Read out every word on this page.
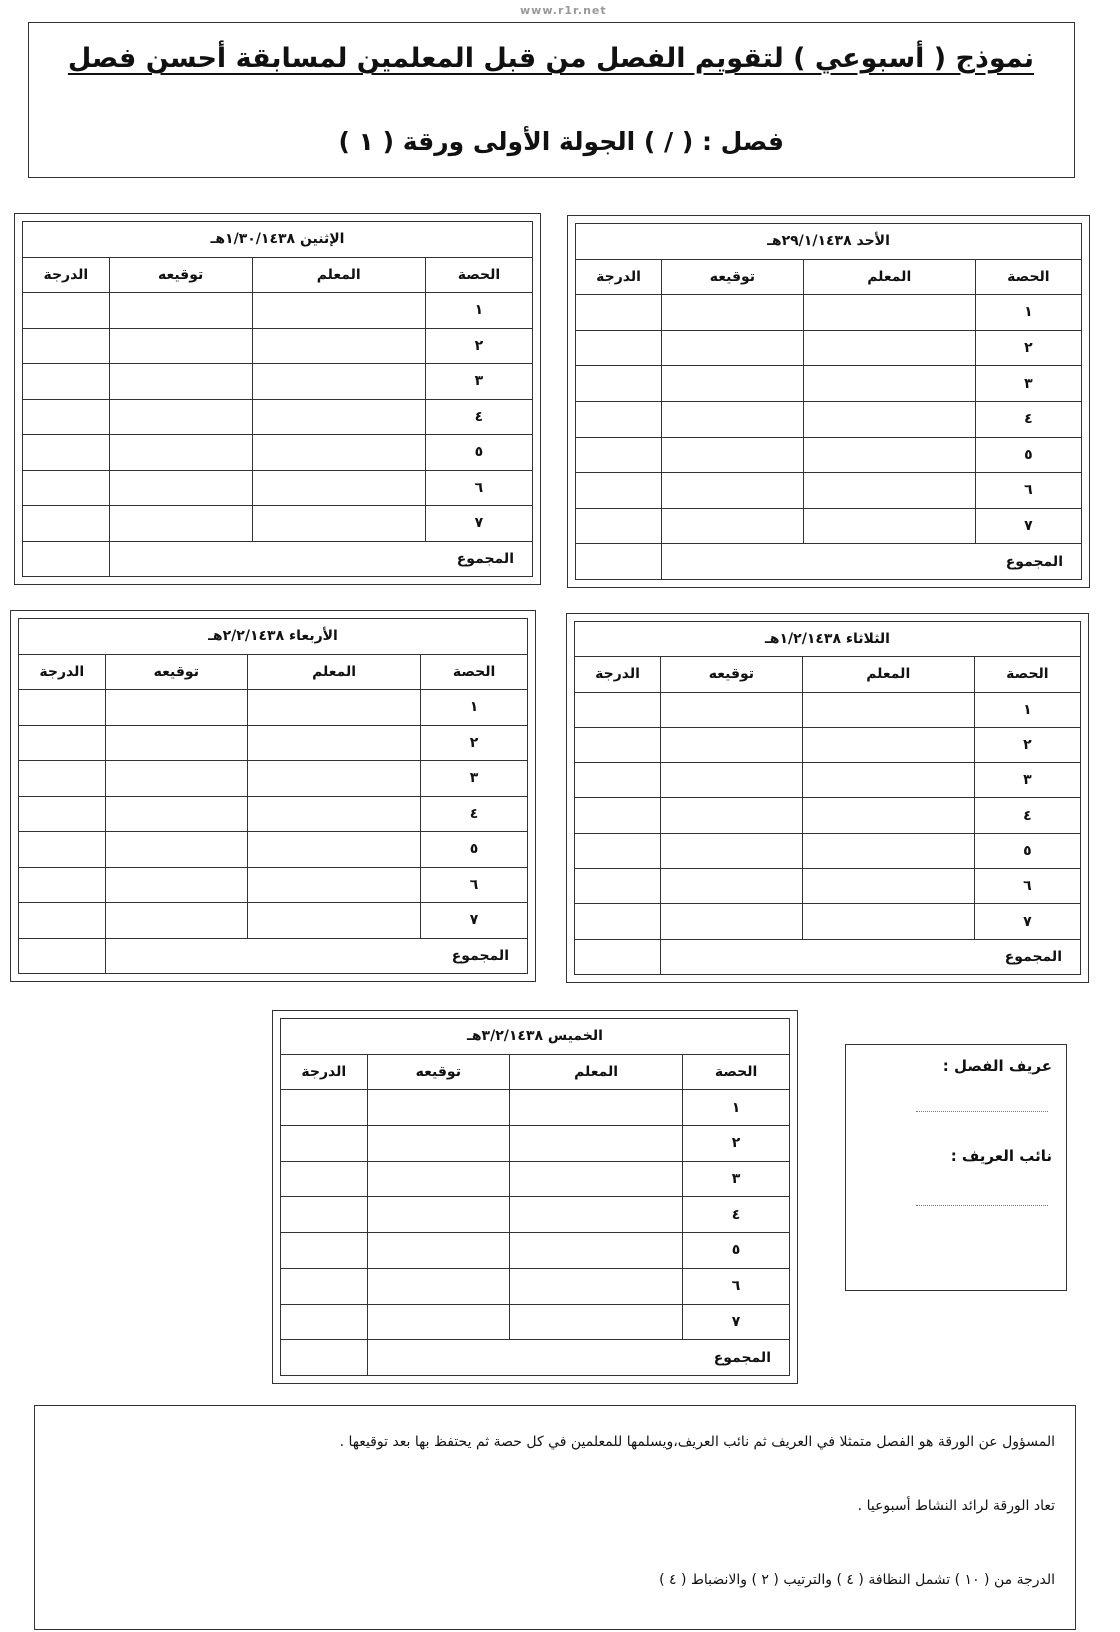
www.r1r.net
نموذج ( أسبوعي ) لتقويم الفصل من قبل المعلمين لمسابقة أحسن فصل
فصل : ( / ) الجولة الأولى ورقة ( ١ )
الأحد ٢٩/١/١٤٣٨هـ			
الحصة	المعلم	توقيعه	الدرجة
١			
٢			
٣			
٤			
٥			
٦			
٧			
المجموع			
الإثنين ١/٣٠/١٤٣٨هـ			
الحصة	المعلم	توقيعه	الدرجة
١			
٢			
٣			
٤			
٥			
٦			
٧			
المجموع			
الثلاثاء ١/٢/١٤٣٨هـ			
الحصة	المعلم	توقيعه	الدرجة
١			
٢			
٣			
٤			
٥			
٦			
٧			
المجموع			
الأربعاء ٢/٢/١٤٣٨هـ			
الحصة	المعلم	توقيعه	الدرجة
١			
٢			
٣			
٤			
٥			
٦			
٧			
المجموع			
الخميس ٣/٢/١٤٣٨هـ			
الحصة	المعلم	توقيعه	الدرجة
١			
٢			
٣			
٤			
٥			
٦			
٧			
المجموع			
عريف الفصل :
نائب العريف :
المسؤول عن الورقة هو الفصل متمثلا في العريف ثم نائب العريف،ويسلمها للمعلمين في كل حصة ثم يحتفظ بها بعد توقيعها .
تعاد الورقة لرائد النشاط أسبوعيا .
الدرجة من ( ١٠ ) تشمل النظافة ( ٤ ) والترتيب ( ٢ ) والانضباط ( ٤ )
